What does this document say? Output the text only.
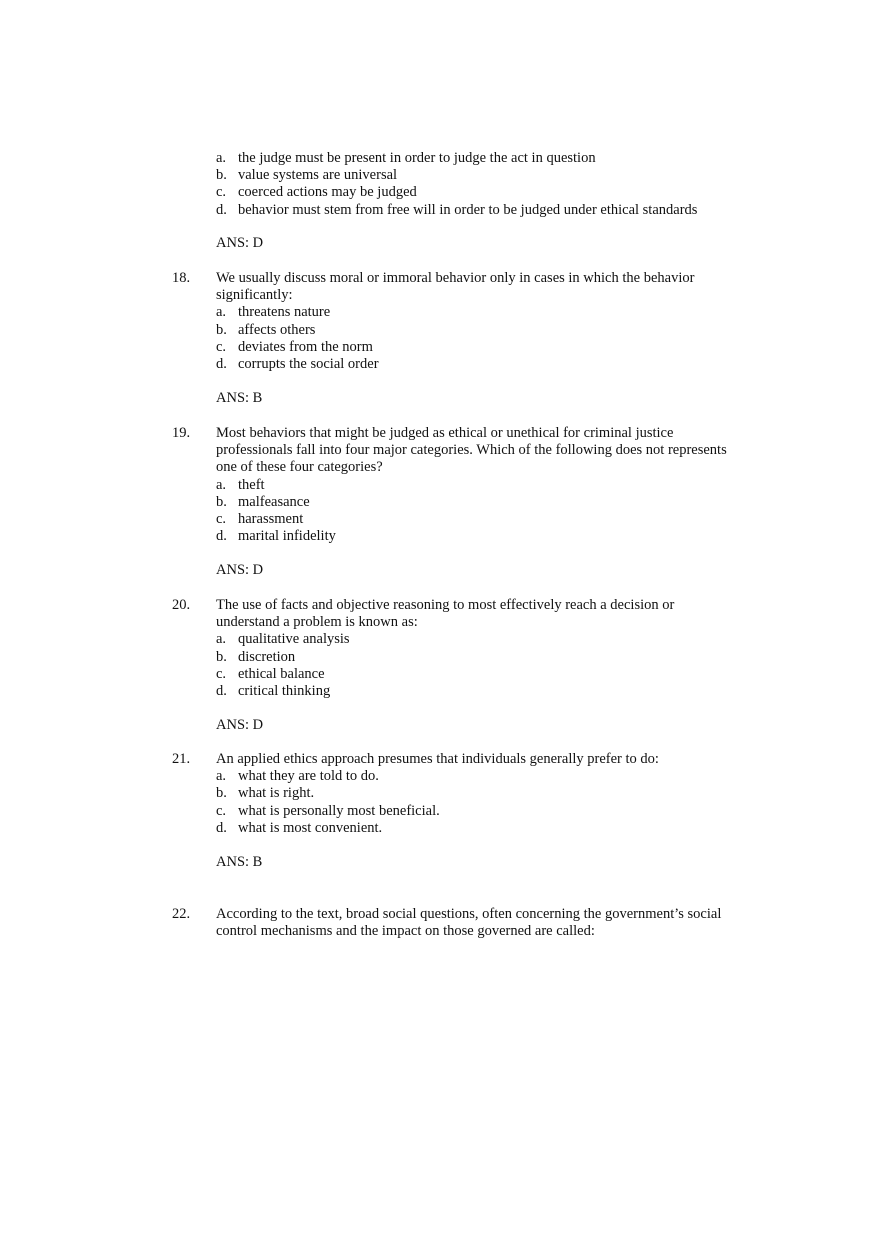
a. the judge must be present in order to judge the act in question
b. value systems are universal
c. coerced actions may be judged
d. behavior must stem from free will in order to be judged under ethical standards
ANS: D
18. We usually discuss moral or immoral behavior only in cases in which the behavior
significantly:
a. threatens nature
b. affects others
c. deviates from the norm
d. corrupts the social order
ANS: B
19. Most behaviors that might be judged as ethical or unethical for criminal justice
professionals fall into four major categories. Which of the following does not represents
one of these four categories?
a. theft
b. malfeasance
c. harassment
d. marital infidelity
ANS: D
20. The use of facts and objective reasoning to most effectively reach a decision or
understand a problem is known as:
a. qualitative analysis
b. discretion
c. ethical balance
d. critical thinking
ANS: D
21. An applied ethics approach presumes that individuals generally prefer to do:
a. what they are told to do.
b. what is right.
c. what is personally most beneficial.
d. what is most convenient.
ANS: B
22. According to the text, broad social questions, often concerning the government’s social
control mechanisms and the impact on those governed are called:
